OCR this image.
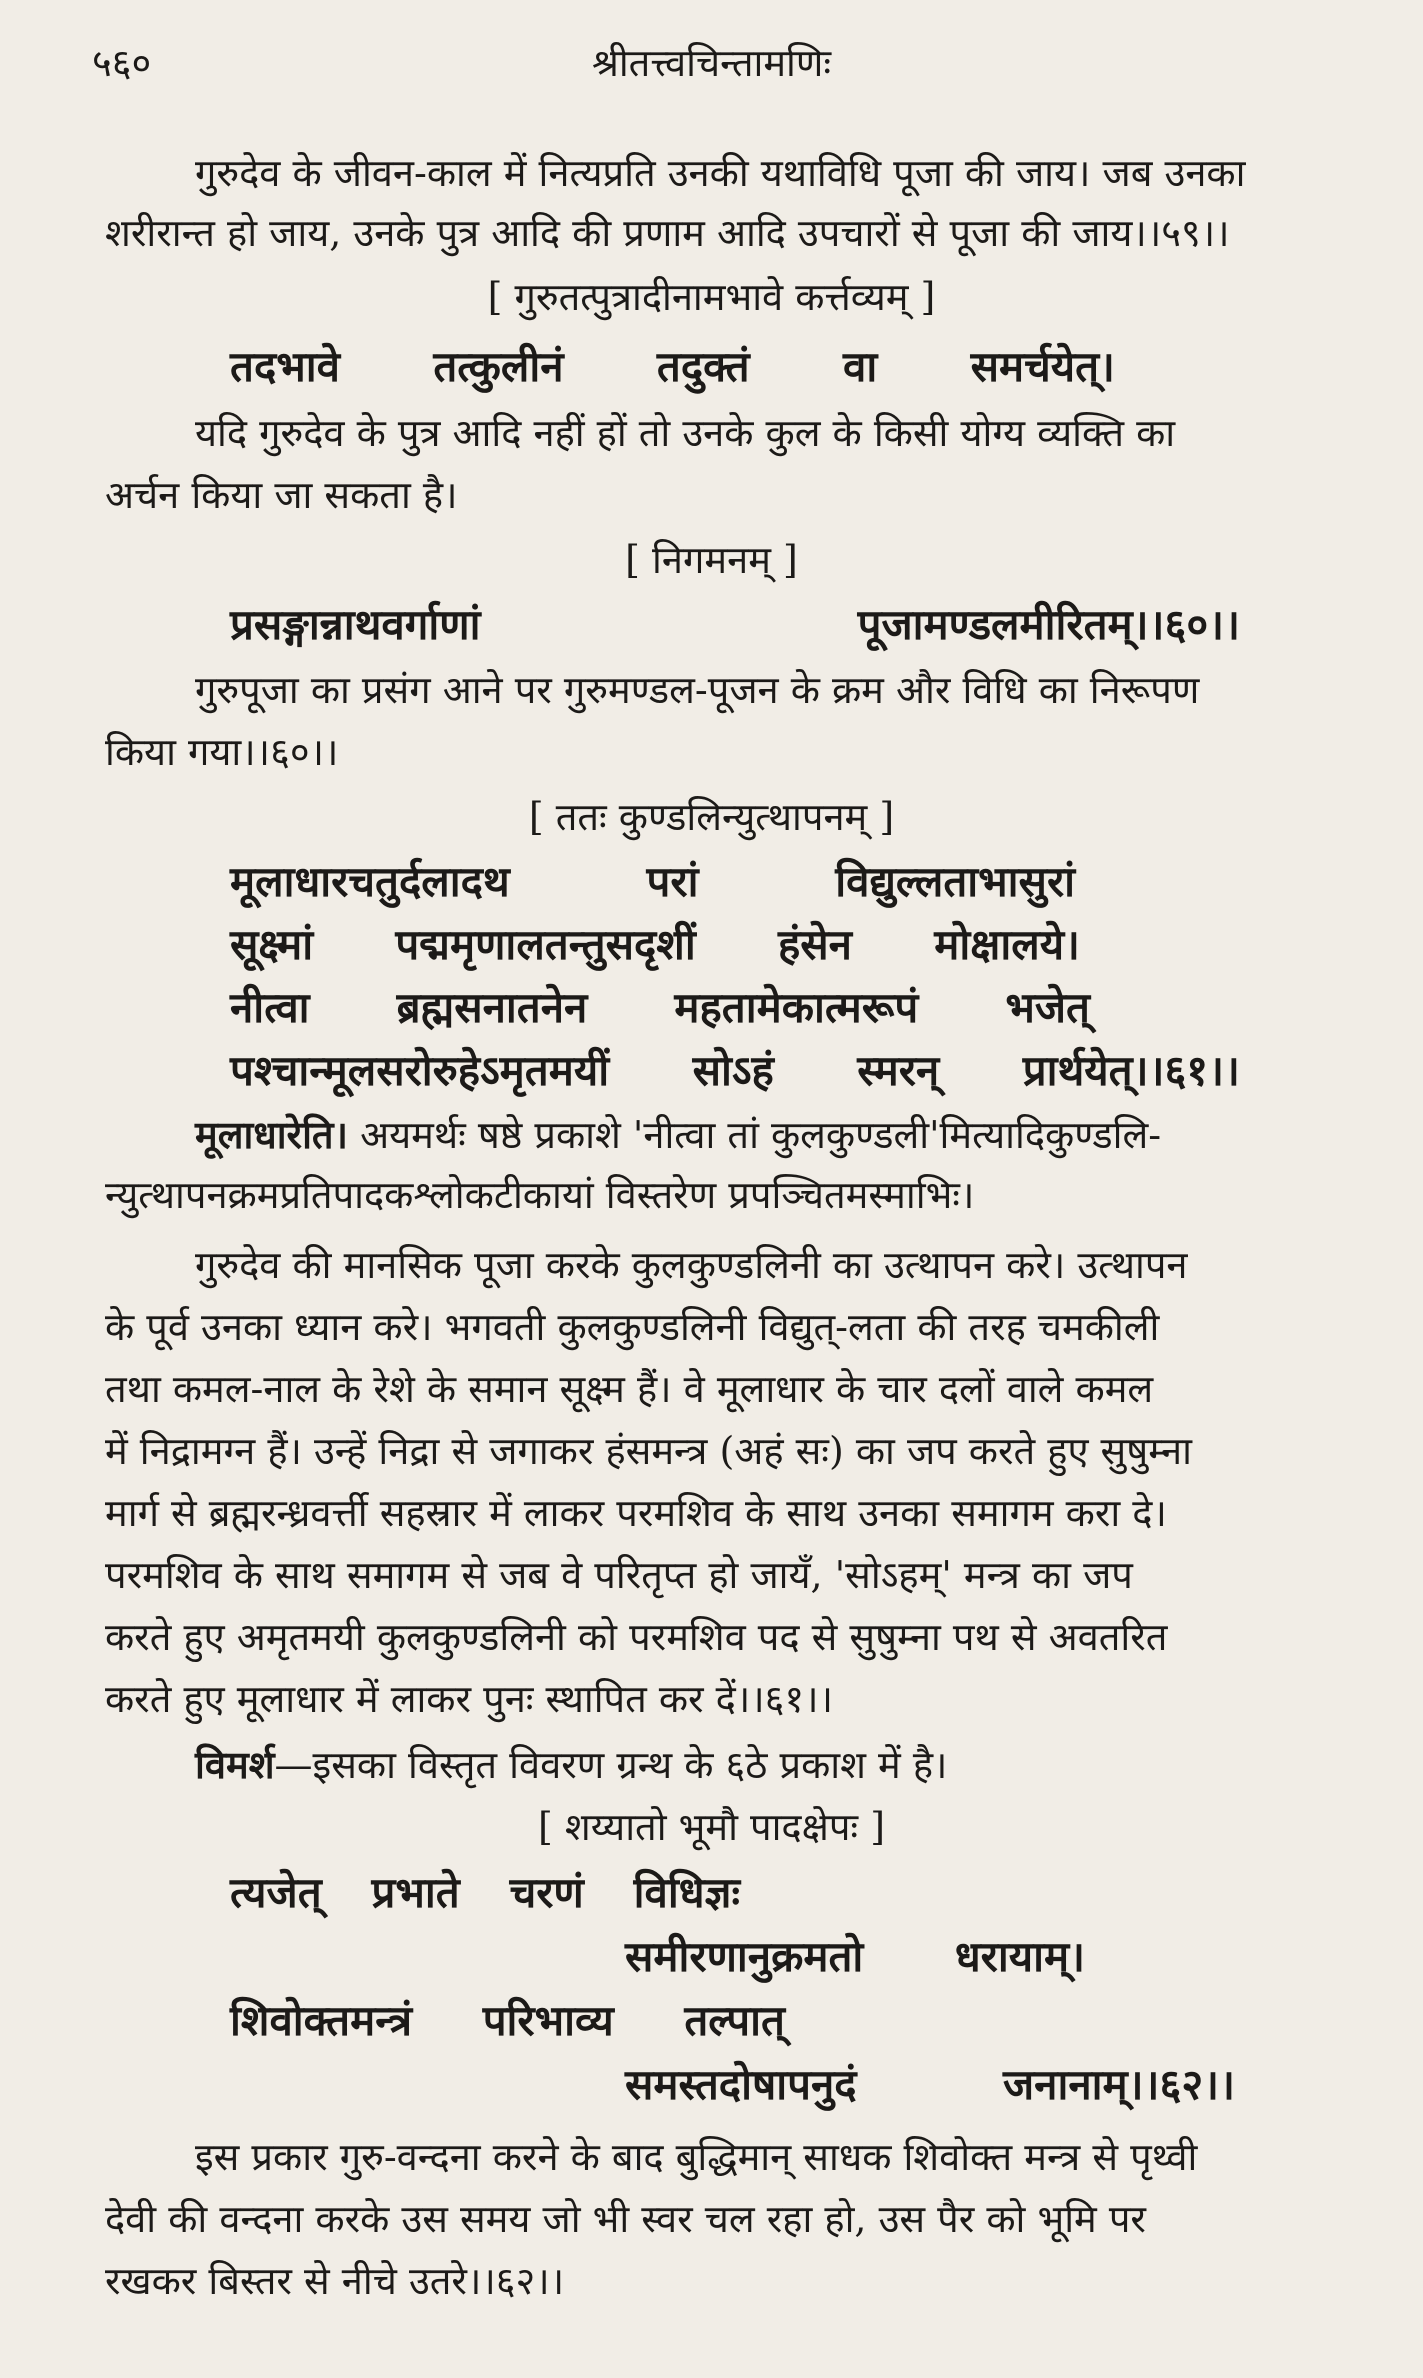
५६०	श्रीतत्त्वचिन्तामणिः
गुरुदेव के जीवन-काल में नित्यप्रति उनकी यथाविधि पूजा की जाय। जब उनका
शरीरान्त हो जाय, उनके पुत्र आदि की प्रणाम आदि उपचारों से पूजा की जाय।।५९।।
[ गुरुतत्पुत्रादीनामभावे कर्त्तव्यम् ]
तदभावे तत्कुलीनं तदुक्तं वा समर्चयेत्।
यदि गुरुदेव के पुत्र आदि नहीं हों तो उनके कुल के किसी योग्य व्यक्ति का
अर्चन किया जा सकता है।
[ निगमनम् ]
प्रसङ्गान्नाथवर्गाणां	पूजामण्डलमीरितम्।।६०।।
गुरुपूजा का प्रसंग आने पर गुरुमण्डल-पूजन के क्रम और विधि का निरूपण
किया गया।।६०।।
[ ततः कुण्डलिन्युत्थापनम् ]
मूलाधारचतुर्दलादथ	परां	विद्युल्लताभासुरां
सूक्ष्मां पद्ममृणालतन्तुसदृशीं हंसेन मोक्षालये।
नीत्वा ब्रह्मसनातनेन महतामेकात्मरूपं भजेत्
पश्चान्मूलसरोरुहेऽमृतमयीं सोऽहं स्मरन् प्रार्थयेत्।।६१।।
मूलाधारेति। अयमर्थः षष्ठे प्रकाशे 'नीत्वा तां कुलकुण्डली'मित्यादिकुण्डलि-
न्युत्थापनक्रमप्रतिपादकश्लोकटीकायां विस्तरेण प्रपञ्चितमस्माभिः।
गुरुदेव की मानसिक पूजा करके कुलकुण्डलिनी का उत्थापन करे। उत्थापन
के पूर्व उनका ध्यान करे। भगवती कुलकुण्डलिनी विद्युत्-लता की तरह चमकीली
तथा कमल-नाल के रेशे के समान सूक्ष्म हैं। वे मूलाधार के चार दलों वाले कमल
में निद्रामग्न हैं। उन्हें निद्रा से जगाकर हंसमन्त्र (अहं सः) का जप करते हुए सुषुम्ना
मार्ग से ब्रह्मरन्ध्रवर्त्ती सहस्रार में लाकर परमशिव के साथ उनका समागम करा दे।
परमशिव के साथ समागम से जब वे परितृप्त हो जायँ, 'सोऽहम्' मन्त्र का जप
करते हुए अमृतमयी कुलकुण्डलिनी को परमशिव पद से सुषुम्ना पथ से अवतरित
करते हुए मूलाधार में लाकर पुनः स्थापित कर दें।।६१।।
विमर्श—इसका विस्तृत विवरण ग्रन्थ के ६ठे प्रकाश में है।
[ शय्यातो भूमौ पादक्षेपः ]
त्यजेत् प्रभाते चरणं विधिज्ञः
समीरणानुक्रमतो धरायाम्।
शिवोक्तमन्त्रं परिभाव्य तल्पात्
समस्तदोषापनुदं	जनानाम्।।६२।।
इस प्रकार गुरु-वन्दना करने के बाद बुद्धिमान् साधक शिवोक्त मन्त्र से पृथ्वी
देवी की वन्दना करके उस समय जो भी स्वर चल रहा हो, उस पैर को भूमि पर
रखकर बिस्तर से नीचे उतरे।।६२।।
